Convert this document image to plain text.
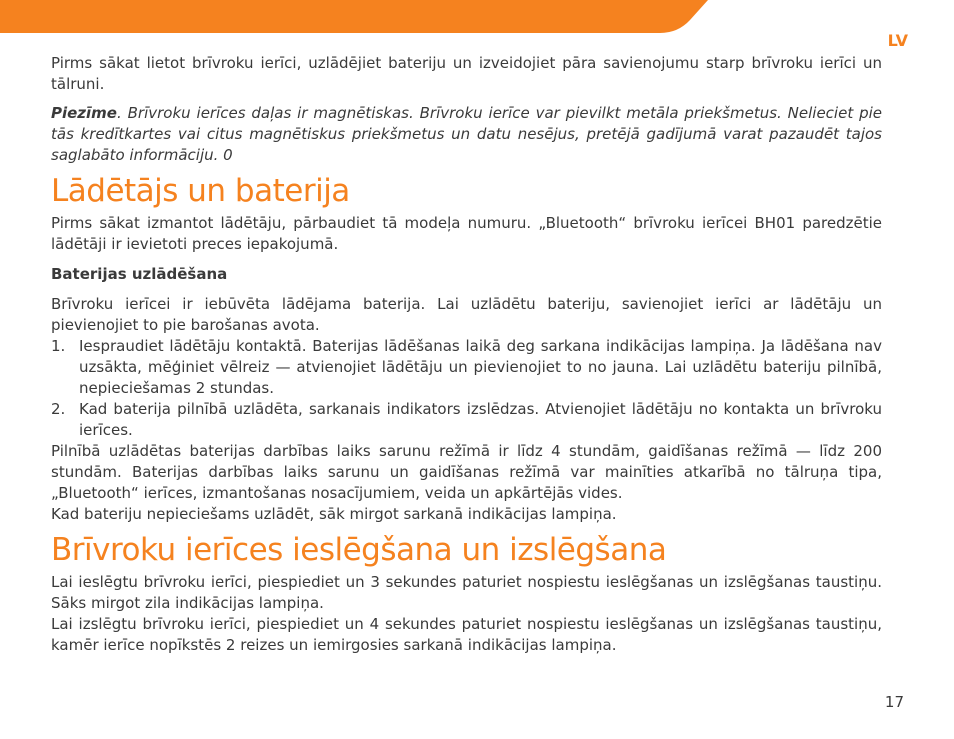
LV

Pirms sākat lietot brīvroku ierīci, uzlādējiet bateriju un izveidojiet pāra savienojumu starp brīvroku ierīci un tālruni.

Piezīme. Brīvroku ierīces daļas ir magnētiskas. Brīvroku ierīce var pievilkt metāla priekšmetus. Nelieciet pie tās kredītkartes vai citus magnētiskus priekšmetus un datu nesējus, pretējā gadījumā varat pazaudēt tajos saglabāto informāciju. 0

Lādētājs un baterija

Pirms sākat izmantot lādētāju, pārbaudiet tā modeļa numuru. „Bluetooth“ brīvroku ierīcei BH01 paredzētie lādētāji ir ievietoti preces iepakojumā.

Baterijas uzlādēšana

Brīvroku ierīcei ir iebūvēta lādējama baterija. Lai uzlādētu bateriju, savienojiet ierīci ar lādētāju un pievienojiet to pie barošanas avota.

1. Iespraudiet lādētāju kontaktā. Baterijas lādēšanas laikā deg sarkana indikācijas lampiņa. Ja lādēšana nav uzsākta, mēģiniet vēlreiz — atvienojiet lādētāju un pievienojiet to no jauna. Lai uzlādētu bateriju pilnībā, nepieciešamas 2 stundas.
2. Kad baterija pilnībā uzlādēta, sarkanais indikators izslēdzas. Atvienojiet lādētāju no kontakta un brīvroku ierīces.

Pilnībā uzlādētas baterijas darbības laiks sarunu režīmā ir līdz 4 stundām, gaidīšanas režīmā — līdz 200 stundām. Baterijas darbības laiks sarunu un gaidīšanas režīmā var mainīties atkarībā no tālruņa tipa, „Bluetooth“ ierīces, izmantošanas nosacījumiem, veida un apkārtējās vides.

Kad bateriju nepieciešams uzlādēt, sāk mirgot sarkanā indikācijas lampiņa.

Brīvroku ierīces ieslēgšana un izslēgšana

Lai ieslēgtu brīvroku ierīci, piespiediet un 3 sekundes paturiet nospiestu ieslēgšanas un izslēgšanas taustiņu. Sāks mirgot zila indikācijas lampiņa.

Lai izslēgtu brīvroku ierīci, piespiediet un 4 sekundes paturiet nospiestu ieslēgšanas un izslēgšanas taustiņu, kamēr ierīce nopīkstēs 2 reizes un iemirgosies sarkanā indikācijas lampiņa.

17
